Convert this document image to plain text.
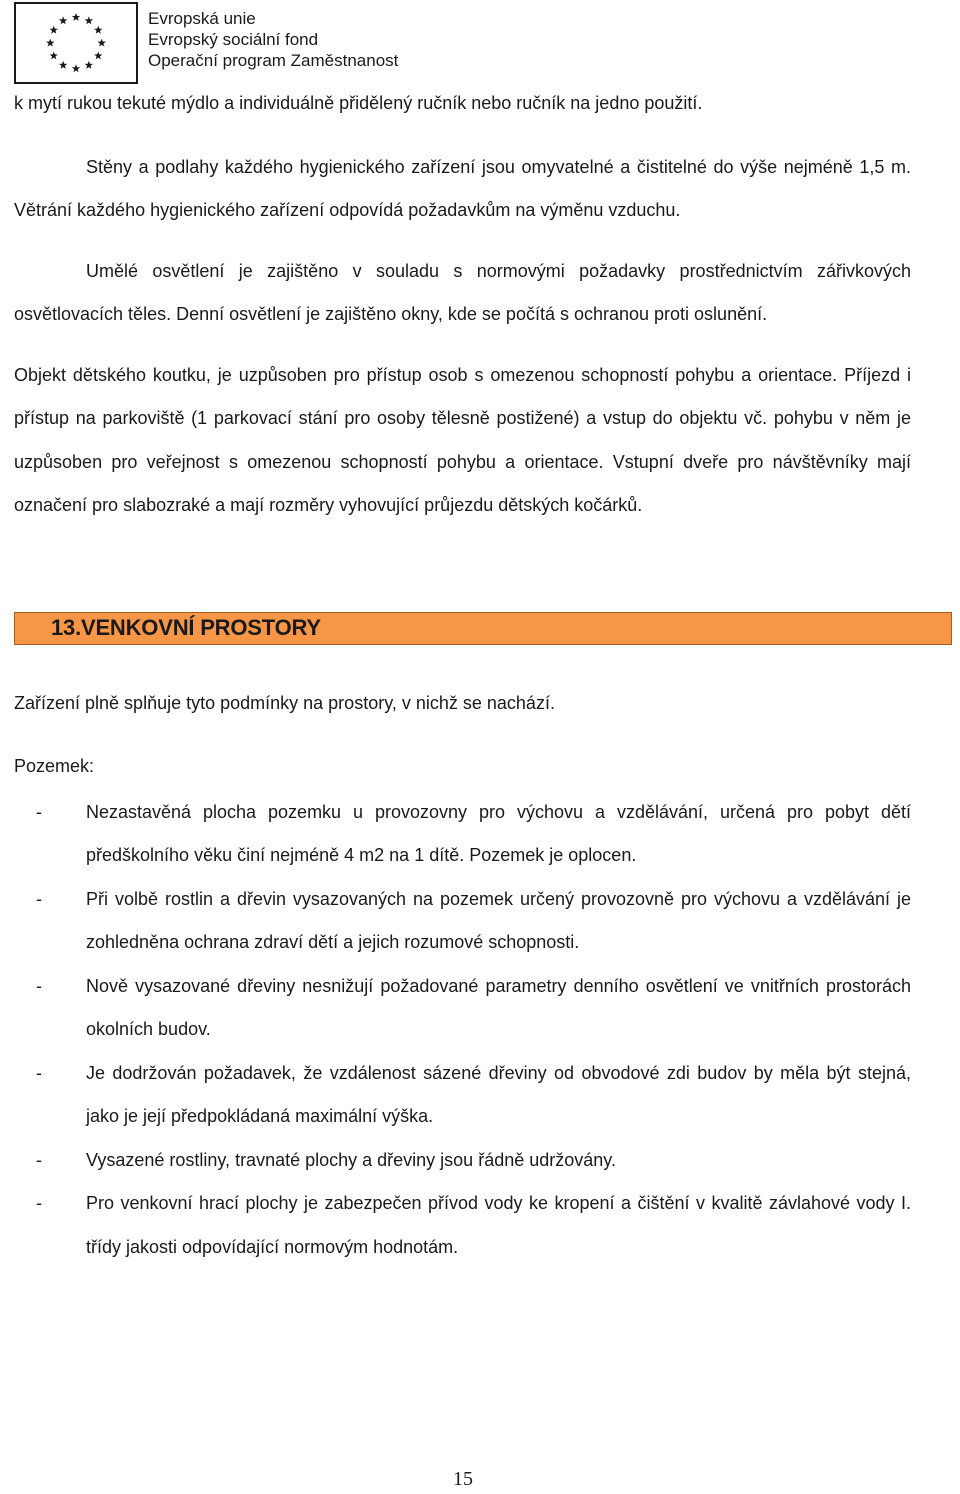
Evropská unie
Evropský sociální fond
Operační program Zaměstnanost

k mytí rukou tekuté mýdlo a individuálně přidělený ručník nebo ručník na jedno použití.

Stěny a podlahy každého hygienického zařízení jsou omyvatelné a čistitelné do výše nejméně 1,5 m. Větrání každého hygienického zařízení odpovídá požadavkům na výměnu vzduchu.

Umělé osvětlení je zajištěno v souladu s normovými požadavky prostřednictvím zářivkových osvětlovacích těles. Denní osvětlení je zajištěno okny, kde se počítá s ochranou proti oslunění.

Objekt dětského koutku, je uzpůsoben pro přístup osob s omezenou schopností pohybu a orientace. Příjezd i přístup na parkoviště (1 parkovací stání pro osoby tělesně postižené) a vstup do objektu vč. pohybu v něm je uzpůsoben pro veřejnost s omezenou schopností pohybu a orientace. Vstupní dveře pro návštěvníky mají označení pro slabozraké a mají rozměry vyhovující průjezdu dětských kočárků.

13.VENKOVNÍ PROSTORY

Zařízení plně splňuje tyto podmínky na prostory, v nichž se nachází.

Pozemek:

- Nezastavěná plocha pozemku u provozovny pro výchovu a vzdělávání, určená pro pobyt dětí předškolního věku činí nejméně 4 m2 na 1 dítě. Pozemek je oplocen.
- Při volbě rostlin a dřevin vysazovaných na pozemek určený provozovně pro výchovu a vzdělávání je zohledněna ochrana zdraví dětí a jejich rozumové schopnosti.
- Nově vysazované dřeviny nesnižují požadované parametry denního osvětlení ve vnitřních prostorách okolních budov.
- Je dodržován požadavek, že vzdálenost sázené dřeviny od obvodové zdi budov by měla být stejná, jako je její předpokládaná maximální výška.
- Vysazené rostliny, travnaté plochy a dřeviny jsou řádně udržovány.
- Pro venkovní hrací plochy je zabezpečen přívod vody ke kropení a čištění v kvalitě závlahové vody I. třídy jakosti odpovídající normovým hodnotám.
15
